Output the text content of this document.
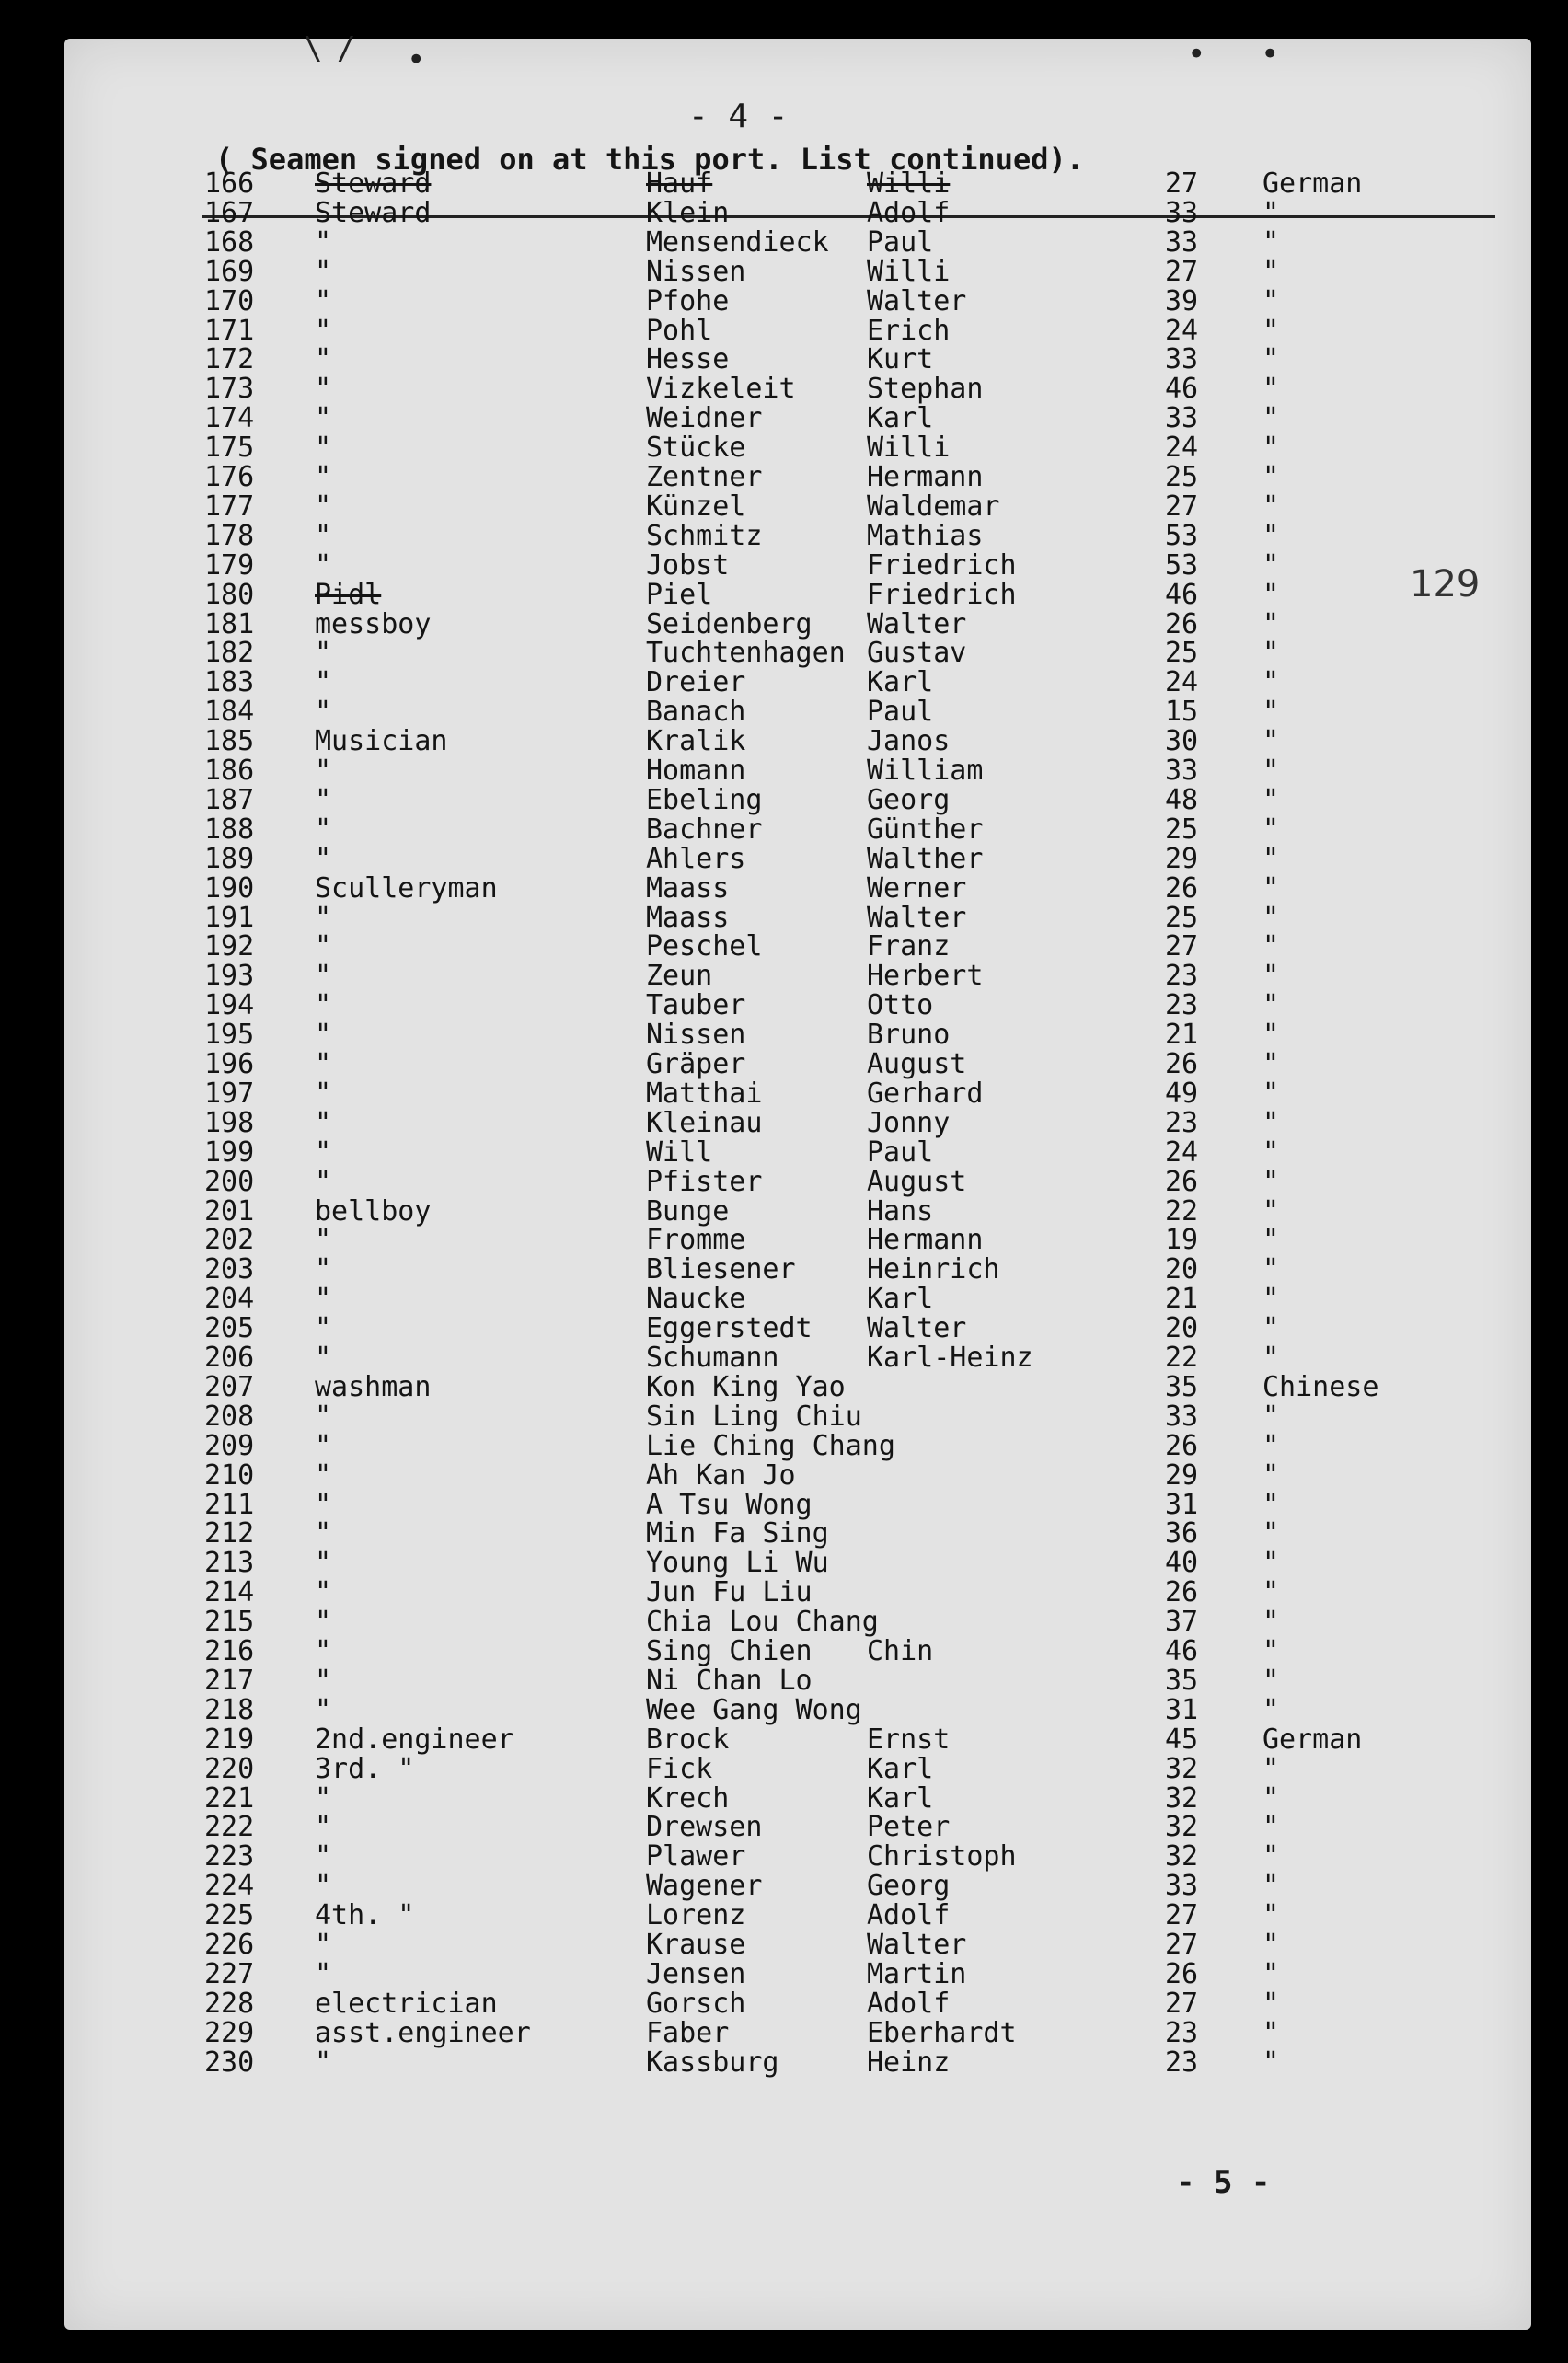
\ / •	• •
- 4 -
( Seamen signed on at this port. List continued).
166 Steward	Hauf	Willi	27 German
167 Steward	Klein	Adolf	33 "
168 "	Mensendieck Paul	33 "
169 "	Nissen	Willi	27 "
170 "	Pfohe	Walter	39 "
171 "	Pohl	Erich	24 "
172 "	Hesse	Kurt	33 "
173 "	Vizkeleit	Stephan	46 "
174 "	Weidner	Karl	33 "
175 "	Stücke	Willi	24 "
176 "	Zentner	Hermann	25 "
177 "	Künzel	Waldemar	27 "
178 "	Schmitz	Mathias	53 "
179 "	Jobst	Friedrich	53 "
180 Pidl	Piel	Friedrich	46 "
181 messboy	Seidenberg Walter	26 "
182 "	Tuchtenhagen Gustav	25 "
183 "	Dreier	Karl	24 "
184 "	Banach	Paul	15 "
185 Musician	Kralik	Janos	30 "
186 "	Homann	William	33 "
187 "	Ebeling	Georg	48 "
188 "	Bachner	Günther	25 "
189 "	Ahlers	Walther	29 "
190 Sculleryman	Maass	Werner	26 "
191 "	Maass	Walter	25 "
192 "	Peschel	Franz	27 "
193 "	Zeun	Herbert	23 "
194 "	Tauber	Otto	23 "
195 "	Nissen	Bruno	21 "
196 "	Gräper	August	26 "
197 "	Matthai	Gerhard	49 "
198 "	Kleinau	Jonny	23 "
199 "	Will	Paul	24 "
200 "	Pfister	August	26 "
201 bellboy	Bunge	Hans	22 "
202 "	Fromme	Hermann	19 "
203 "	Bliesener	Heinrich	20 "
204 "	Naucke	Karl	21 "
205 "	Eggerstedt Walter	20 "
206 "	Schumann	Karl-Heinz	22 "
207 washman	Kon King Yao	35 Chinese
208 "	Sin Ling Chiu	33 "
209 "	Lie Ching Chang	26 "
210 "	Ah Kan Jo	29 "
211 "	A Tsu Wong	31 "
212 "	Min Fa Sing	36 "
213 "	Young Li Wu	40 "
214 "	Jun Fu Liu	26 "
215 "	Chia Lou Chang	37 "
216 "	Sing Chien Chin	46 "
217 "	Ni Chan Lo	35 "
218 "	Wee Gang Wong	31 "
219 2nd.engineer	Brock	Ernst	45 German
220 3rd. "	Fick	Karl	32 "
221 "	Krech	Karl	32 "
222 "	Drewsen	Peter	32 "
223 "	Plawer	Christoph	32 "
224 "	Wagener	Georg	33 "
225 4th. "	Lorenz	Adolf	27 "
226 "	Krause	Walter	27 "
227 "	Jensen	Martin	26 "
228 electrician	Gorsch	Adolf	27 "
229 asst.engineer	Faber	Eberhardt	23 "
230 "	Kassburg	Heinz	23 "
129
- 5 -
